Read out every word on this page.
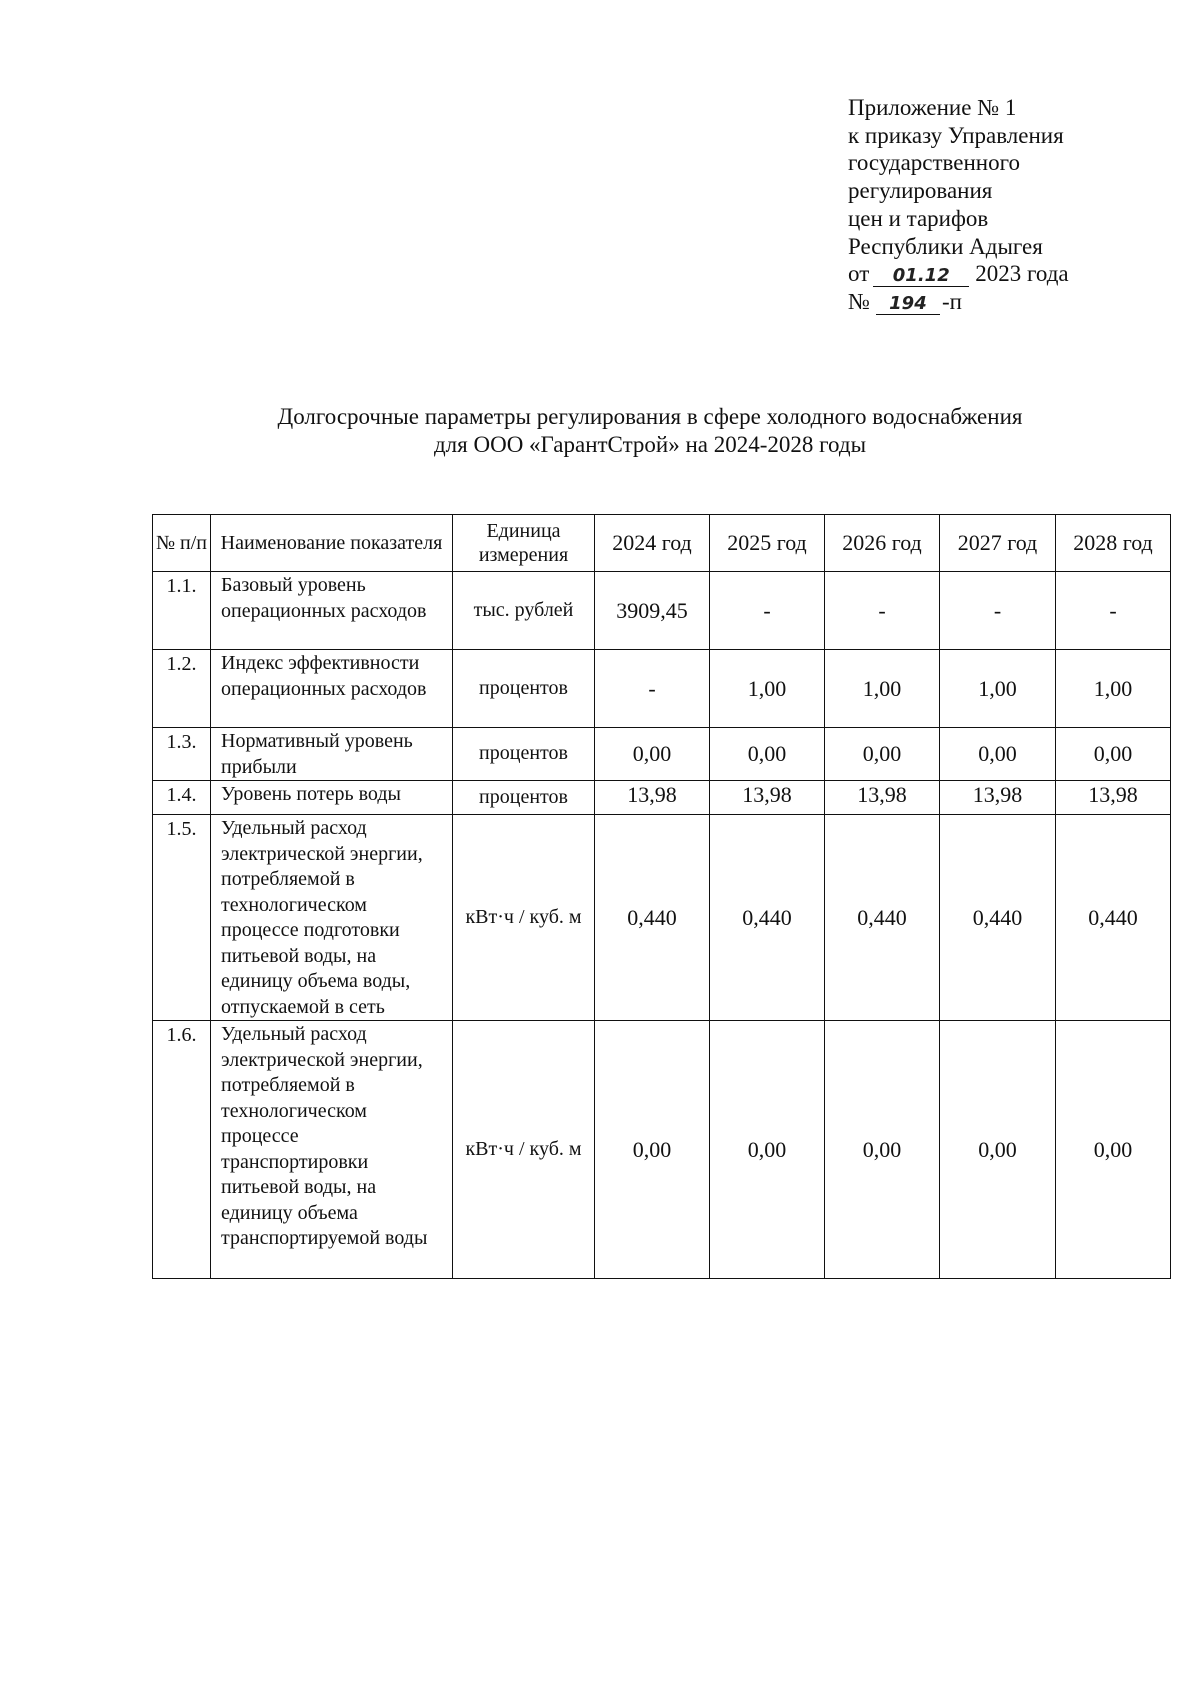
Приложение № 1
к приказу Управления
государственного
регулирования
цен и тарифов
Республики Адыгея
от 01.12 2023 года
№ 194 -п
Долгосрочные параметры регулирования в сфере холодного водоснабжения
для ООО «ГарантСтрой» на 2024-2028 годы
№ п/п	Наименование показателя	Единица измерения	2024 год	2025 год	2026 год	2027 год	2028 год
1.1.	Базовый уровень операционных расходов	тыс. рублей	3909,45	-	-	-	-
1.2.	Индекс эффективности операционных расходов	процентов	-	1,00	1,00	1,00	1,00
1.3.	Нормативный уровень прибыли	процентов	0,00	0,00	0,00	0,00	0,00
1.4.	Уровень потерь воды	процентов	13,98	13,98	13,98	13,98	13,98
1.5.	Удельный расход электрической энергии, потребляемой в технологическом процессе подготовки питьевой воды, на единицу объема воды, отпускаемой в сеть	кВт·ч / куб. м	0,440	0,440	0,440	0,440	0,440
1.6.	Удельный расход электрической энергии, потребляемой в технологическом процессе транспортировки питьевой воды, на единицу объема транспортируемой воды	кВт·ч / куб. м	0,00	0,00	0,00	0,00	0,00
